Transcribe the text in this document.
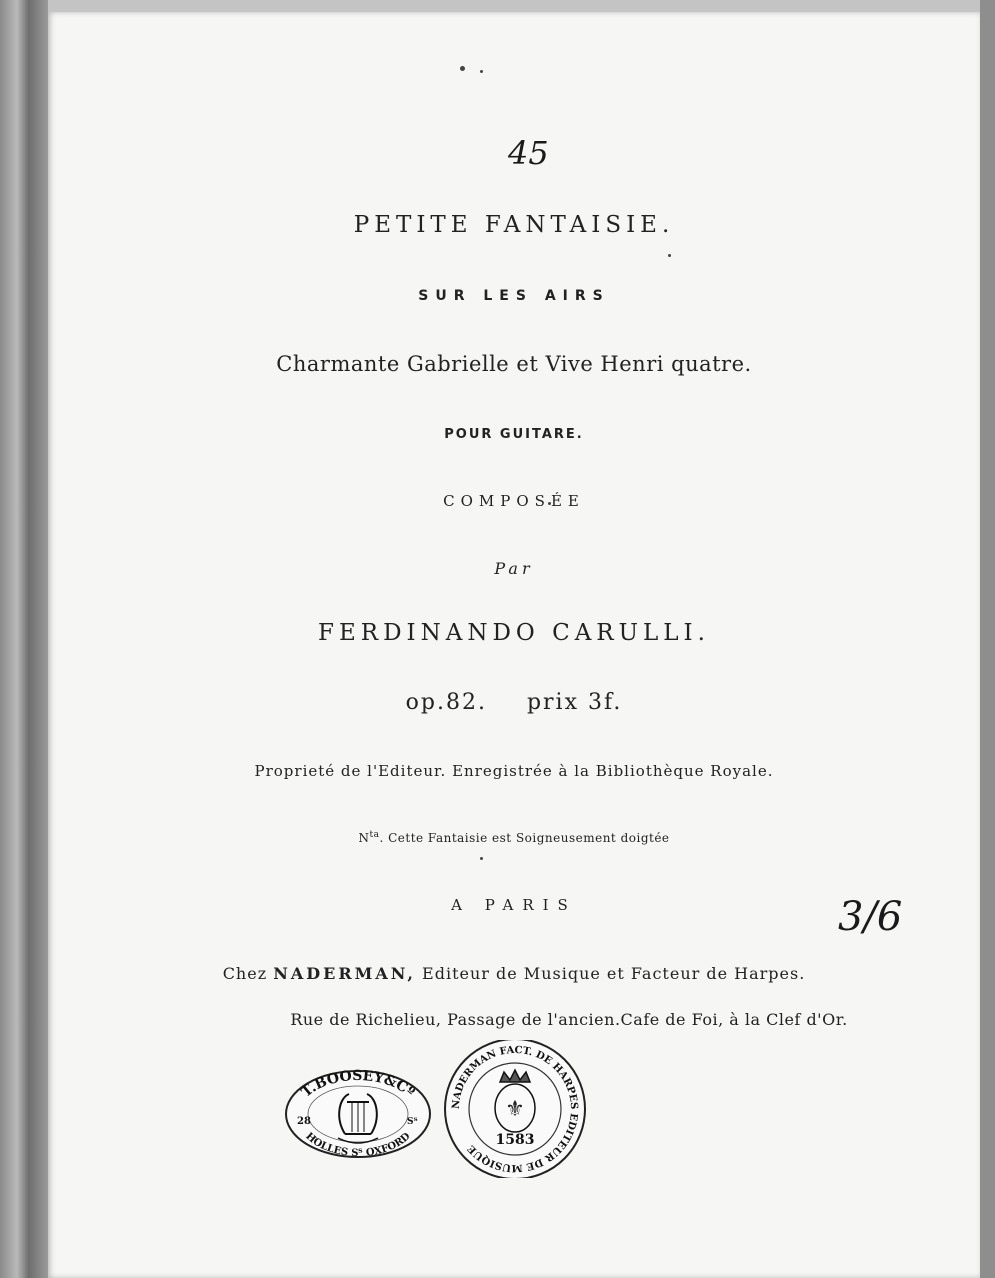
45
PETITE FANTAISIE.
SUR LES AIRS
Charmante Gabrielle et Vive Henri quatre.
POUR GUITARE.
COMPOSÉE
Par
FERDINANDO CARULLI.
op.82. prix 3f.
Proprieté de l'Editeur. Enregistrée à la Bibliothèque Royale.
$N^{ta}$. Cette Fantaisie est Soigneusement doigtée
A PARIS
Chez NADERMAN, Editeur de Musique et Facteur de Harpes.
Rue de Richelieu, Passage de l'ancien.Cafe de Foi, à la Clef d'Or.
3/6
T.BOOSEY&Cº
HOLLES Sᵀ OXFORD
28	Sᵀ
NADERMAN FACT. DE HARPES EDITEUR DE MUSIQUE
⚜
1583
